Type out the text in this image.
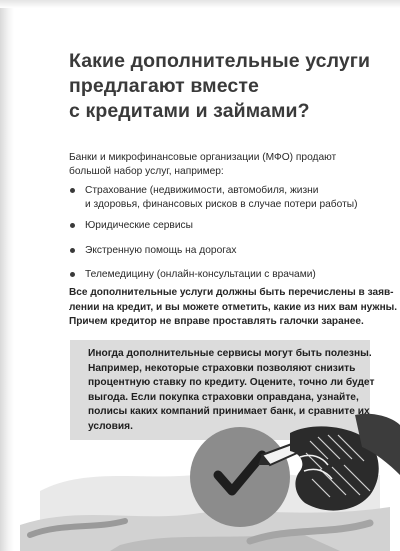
Какие дополнительные услуги
предлагают вместе
с кредитами и займами?

Банки и микрофинансовые организации (МФО) продают
большой набор услуг, например:

Страхование (недвижимости, автомобиля, жизни
и здоровья, финансовых рисков в случае потери работы)
Юридические сервисы
Экстренную помощь на дорогах
Телемедицину (онлайн-консультации с врачами)

Все дополнительные услуги должны быть перечислены в заяв-
лении на кредит, и вы можете отметить, какие из них вам нужны.
Причем кредитор не вправе проставлять галочки заранее.

Иногда дополнительные сервисы могут быть полезны.
Например, некоторые страховки позволяют снизить
процентную ставку по кредиту. Оцените, точно ли будет
выгода. Если покупка страховки оправдана, узнайте,
полисы каких компаний принимает банк, и сравните их
условия.
